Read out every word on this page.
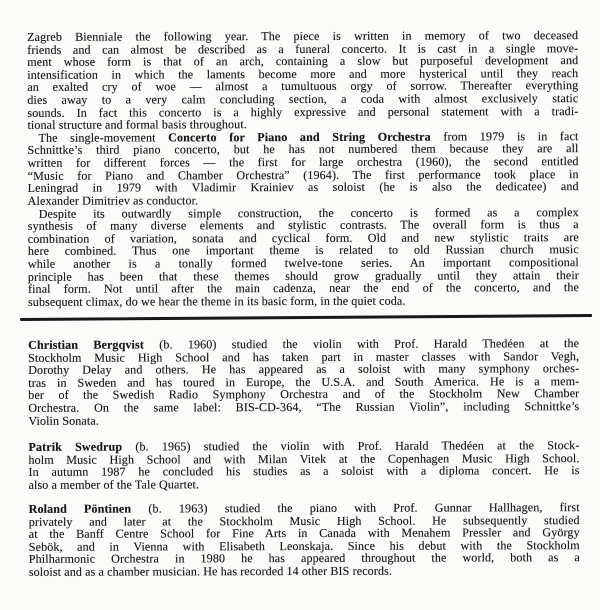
Zagreb Bienniale the following year. The piece is written in memory of two deceased
friends and can almost be described as a funeral concerto. It is cast in a single move-
ment whose form is that of an arch, containing a slow but purposeful development and
intensification in which the laments become more and more hysterical until they reach
an exalted cry of woe — almost a tumultuous orgy of sorrow. Thereafter everything
dies away to a very calm concluding section, a coda with almost exclusively static
sounds. In fact this concerto is a highly expressive and personal statement with a tradi-
tional structure and formal basis throughout.
The single-movement Concerto for Piano and String Orchestra from 1979 is in fact
Schnittke’s third piano concerto, but he has not numbered them because they are all
written for different forces — the first for large orchestra (1960), the second entitled
“Music for Piano and Chamber Orchestra” (1964). The first performance took place in
Leningrad in 1979 with Vladimir Krainiev as soloist (he is also the dedicatee) and
Alexander Dimitriev as conductor.
Despite its outwardly simple construction, the concerto is formed as a complex
synthesis of many diverse elements and stylistic contrasts. The overall form is thus a
combination of variation, sonata and cyclical form. Old and new stylistic traits are
here combined. Thus one important theme is related to old Russian church music
while another is a tonally formed twelve-tone series. An important compositional
principle has been that these themes should grow gradually until they attain their
final form. Not until after the main cadenza, near the end of the concerto, and the
subsequent climax, do we hear the theme in its basic form, in the quiet coda.
Christian Bergqvist (b. 1960) studied the violin with Prof. Harald Thedéen at the
Stockholm Music High School and has taken part in master classes with Sandor Vegh,
Dorothy Delay and others. He has appeared as a soloist with many symphony orches-
tras in Sweden and has toured in Europe, the U.S.A. and South America. He is a mem-
ber of the Swedish Radio Symphony Orchestra and of the Stockholm New Chamber
Orchestra. On the same label: BIS-CD-364, “The Russian Violin”, including Schnittke’s
Violin Sonata.
Patrik Swedrup (b. 1965) studied the violin with Prof. Harald Thedéen at the Stock-
holm Music High School and with Milan Vitek at the Copenhagen Music High School.
In autumn 1987 he concluded his studies as a soloist with a diploma concert. He is
also a member of the Tale Quartet.
Roland Pöntinen (b. 1963) studied the piano with Prof. Gunnar Hallhagen, first
privately and later at the Stockholm Music High School. He subsequently studied
at the Banff Centre School for Fine Arts in Canada with Menahem Pressler and György
Sebök, and in Vienna with Elisabeth Leonskaja. Since his debut with the Stockholm
Philharmonic Orchestra in 1980 he has appeared throughout the world, both as a
soloist and as a chamber musician. He has recorded 14 other BIS records.
